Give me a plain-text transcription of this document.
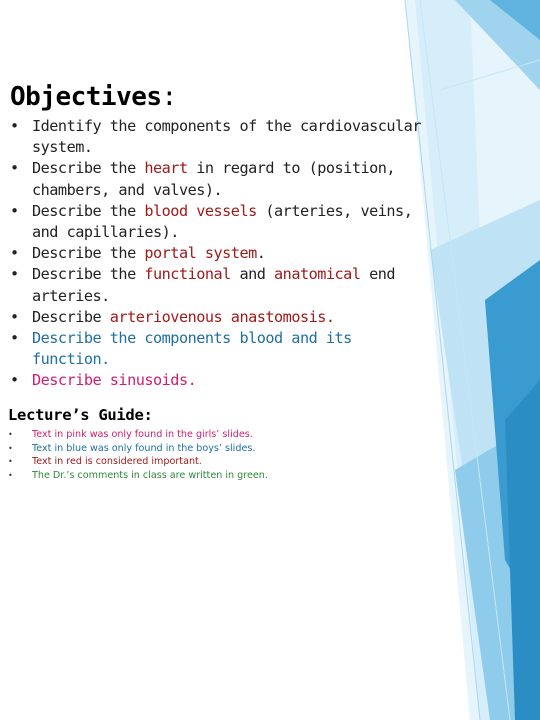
Objectives:
• Identify the components of the cardiovascular system.
• Describe the heart in regard to (position, chambers, and valves).
• Describe the blood vessels (arteries, veins, and capillaries).
• Describe the portal system.
• Describe the functional and anatomical end arteries.
• Describe arteriovenous anastomosis.
• Describe the components blood and its function.
• Describe sinusoids.
Lecture’s Guide:
• Text in pink was only found in the girls’ slides.
• Text in blue was only found in the boys’ slides.
• Text in red is considered important.
• The Dr.’s comments in class are written in green.
